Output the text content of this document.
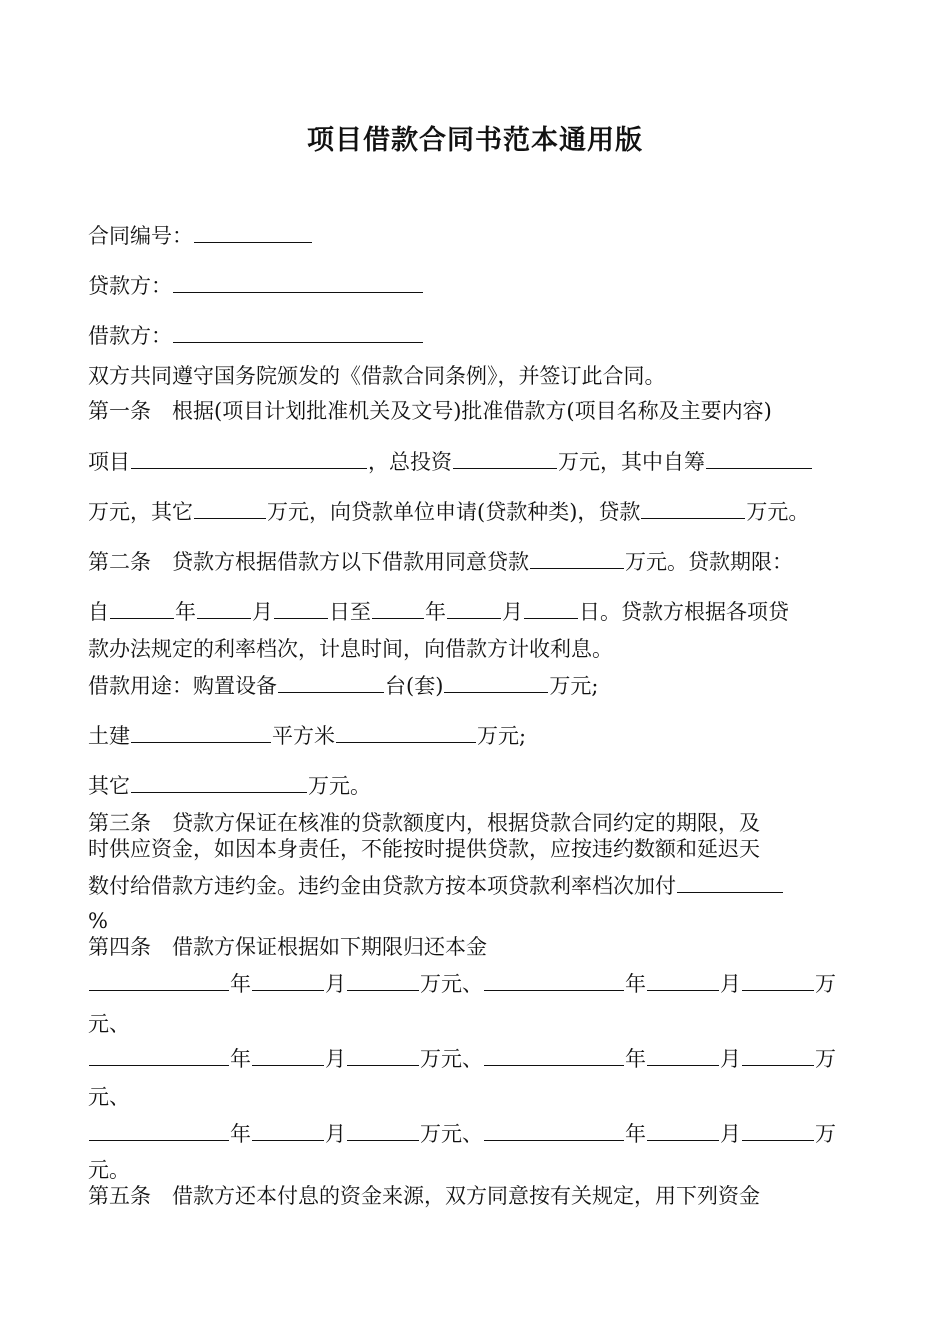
项目借款合同书范本通用版
合同编号：
贷款方：
借款方：
双方共同遵守国务院颁发的《借款合同条例》，并签订此合同。
第一条　根据(项目计划批准机关及文号)批准借款方(项目名称及主要内容)
项目	，总投资	万元，其中自筹
万元，其它	万元，向贷款单位申请(贷款种类)，贷款	万元。
第二条　贷款方根据借款方以下借款用同意贷款	万元。贷款期限：
自	年	月	日至	年	月	日。贷款方根据各项贷
款办法规定的利率档次，计息时间，向借款方计收利息。
借款用途：购置设备	台(套)	万元;
土建	平方米	万元;
其它	万元。
第三条　贷款方保证在核准的贷款额度内，根据贷款合同约定的期限，及
时供应资金，如因本身责任，不能按时提供贷款，应按违约数额和延迟天
数付给借款方违约金。违约金由贷款方按本项贷款利率档次加付
%
第四条　借款方保证根据如下期限归还本金
年	月	万元、	年	月	万
元、
年	月	万元、	年	月	万
元、
年	月	万元、	年	月	万
元。
第五条　借款方还本付息的资金来源，双方同意按有关规定，用下列资金
